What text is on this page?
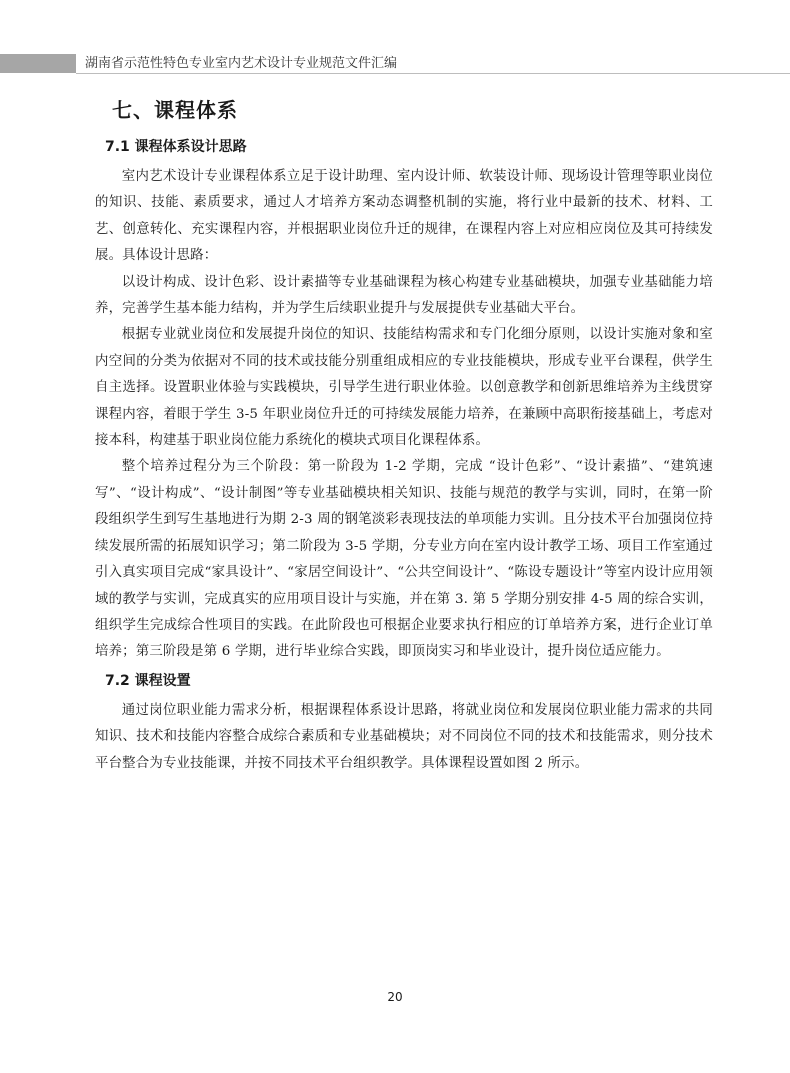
湖南省示范性特色专业室内艺术设计专业规范文件汇编
七、课程体系
7.1 课程体系设计思路

室内艺术设计专业课程体系立足于设计助理、室内设计师、软装设计师、现场设计管理等职业岗位的知识、技能、素质要求，通过人才培养方案动态调整机制的实施，将行业中最新的技术、材料、工艺、创意转化、充实课程内容，并根据职业岗位升迁的规律，在课程内容上对应相应岗位及其可持续发展。具体设计思路：

以设计构成、设计色彩、设计素描等专业基础课程为核心构建专业基础模块，加强专业基础能力培养，完善学生基本能力结构，并为学生后续职业提升与发展提供专业基础大平台。

根据专业就业岗位和发展提升岗位的知识、技能结构需求和专门化细分原则，以设计实施对象和室内空间的分类为依据对不同的技术或技能分别重组成相应的专业技能模块，形成专业平台课程，供学生自主选择。设置职业体验与实践模块，引导学生进行职业体验。以创意教学和创新思维培养为主线贯穿课程内容，着眼于学生 3-5 年职业岗位升迁的可持续发展能力培养，在兼顾中高职衔接基础上，考虑对接本科，构建基于职业岗位能力系统化的模块式项目化课程体系。

整个培养过程分为三个阶段：第一阶段为 1-2 学期，完成 “设计色彩”、“设计素描”、“建筑速写”、“设计构成”、“设计制图”等专业基础模块相关知识、技能与规范的教学与实训，同时，在第一阶段组织学生到写生基地进行为期 2-3 周的钢笔淡彩表现技法的单项能力实训。且分技术平台加强岗位持续发展所需的拓展知识学习；第二阶段为 3-5 学期，分专业方向在室内设计教学工场、项目工作室通过引入真实项目完成“家具设计”、“家居空间设计”、“公共空间设计”、“陈设专题设计”等室内设计应用领域的教学与实训，完成真实的应用项目设计与实施，并在第 3. 第 5 学期分别安排 4-5 周的综合实训，组织学生完成综合性项目的实践。在此阶段也可根据企业要求执行相应的订单培养方案，进行企业订单培养；第三阶段是第 6 学期，进行毕业综合实践，即顶岗实习和毕业设计，提升岗位适应能力。

7.2 课程设置

通过岗位职业能力需求分析，根据课程体系设计思路，将就业岗位和发展岗位职业能力需求的共同知识、技术和技能内容整合成综合素质和专业基础模块；对不同岗位不同的技术和技能需求，则分技术平台整合为专业技能课，并按不同技术平台组织教学。具体课程设置如图 2 所示。

20
